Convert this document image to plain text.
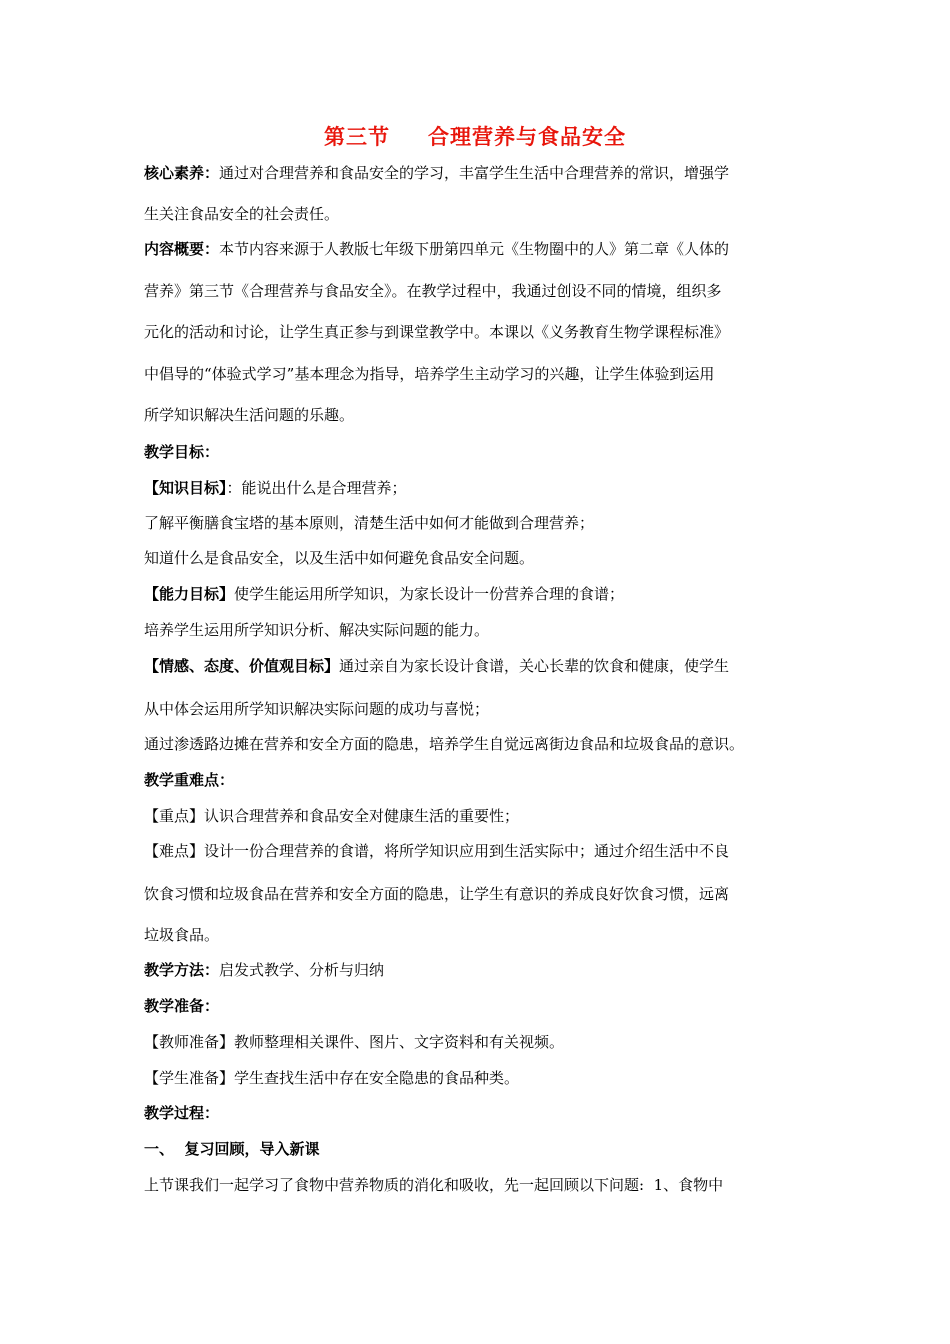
第三节 合理营养与食品安全
核心素养：通过对合理营养和食品安全的学习，丰富学生生活中合理营养的常识，增强学
生关注食品安全的社会责任。
内容概要：本节内容来源于人教版七年级下册第四单元《生物圈中的人》第二章《人体的
营养》第三节《合理营养与食品安全》。在教学过程中，我通过创设不同的情境，组织多
元化的活动和讨论，让学生真正参与到课堂教学中。本课以《义务教育生物学课程标准》
中倡导的“体验式学习”基本理念为指导，培养学生主动学习的兴趣，让学生体验到运用
所学知识解决生活问题的乐趣。
教学目标：
【知识目标】：能说出什么是合理营养；
了解平衡膳食宝塔的基本原则，清楚生活中如何才能做到合理营养；
知道什么是食品安全，以及生活中如何避免食品安全问题。
【能力目标】使学生能运用所学知识，为家长设计一份营养合理的食谱；
培养学生运用所学知识分析、解决实际问题的能力。
【情感、态度、价值观目标】通过亲自为家长设计食谱，关心长辈的饮食和健康，使学生
从中体会运用所学知识解决实际问题的成功与喜悦；
通过渗透路边摊在营养和安全方面的隐患，培养学生自觉远离街边食品和垃圾食品的意识。
教学重难点：
【重点】认识合理营养和食品安全对健康生活的重要性；
【难点】设计一份合理营养的食谱，将所学知识应用到生活实际中；通过介绍生活中不良
饮食习惯和垃圾食品在营养和安全方面的隐患，让学生有意识的养成良好饮食习惯，远离
垃圾食品。
教学方法：启发式教学、分析与归纳
教学准备：
【教师准备】教师整理相关课件、图片、文字资料和有关视频。
【学生准备】学生查找生活中存在安全隐患的食品种类。
教学过程：
一、  复习回顾，导入新课
上节课我们一起学习了食物中营养物质的消化和吸收，先一起回顾以下问题:  1、食物中
